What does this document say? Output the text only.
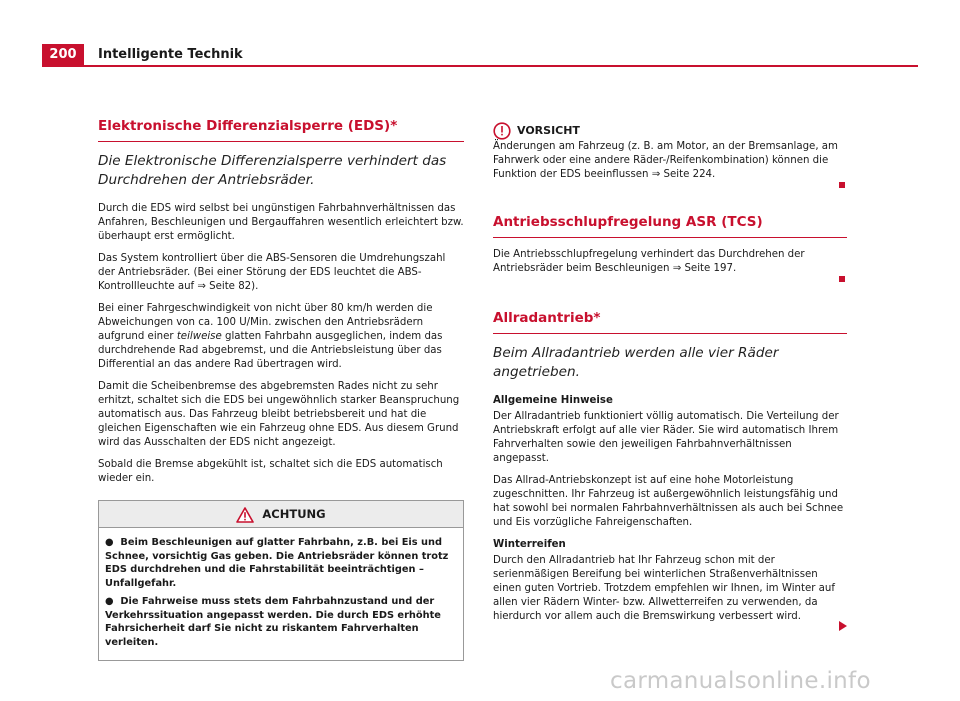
200	Intelligente Technik
Elektronische Differenzialsperre (EDS)*
Die Elektronische Differenzialsperre verhindert das Durchdrehen der Antriebsräder.

Durch die EDS wird selbst bei ungünstigen Fahrbahnverhältnissen das Anfahren, Beschleunigen und Bergauffahren wesentlich erleichtert bzw. überhaupt erst ermöglicht.

Das System kontrolliert über die ABS-Sensoren die Umdrehungszahl der Antriebsräder. (Bei einer Störung der EDS leuchtet die ABS-Kontrollleuchte auf ⇒ Seite 82).

Bei einer Fahrgeschwindigkeit von nicht über 80 km/h werden die Abweichungen von ca. 100 U/Min. zwischen den Antriebsrädern aufgrund einer teilweise glatten Fahrbahn ausgeglichen, indem das durchdrehende Rad abgebremst, und die Antriebsleistung über das Differential an das andere Rad übertragen wird.

Damit die Scheibenbremse des abgebremsten Rades nicht zu sehr erhitzt, schaltet sich die EDS bei ungewöhnlich starker Beanspruchung automatisch aus. Das Fahrzeug bleibt betriebsbereit und hat die gleichen Eigenschaften wie ein Fahrzeug ohne EDS. Aus diesem Grund wird das Ausschalten der EDS nicht angezeigt.

Sobald die Bremse abgekühlt ist, schaltet sich die EDS automatisch wieder ein.

ACHTUNG

● Beim Beschleunigen auf glatter Fahrbahn, z.B. bei Eis und Schnee, vorsichtig Gas geben. Die Antriebsräder können trotz EDS durchdrehen und die Fahrstabilität beeinträchtigen – Unfallgefahr.

● Die Fahrweise muss stets dem Fahrbahnzustand und der Verkehrssituation angepasst werden. Die durch EDS erhöhte Fahrsicherheit darf Sie nicht zu riskantem Fahrverhalten verleiten.

VORSICHT

Änderungen am Fahrzeug (z. B. am Motor, an der Bremsanlage, am Fahrwerk oder eine andere Räder-/Reifenkombination) können die Funktion der EDS beeinflussen ⇒ Seite 224.

Antriebsschlupfregelung ASR (TCS)

Die Antriebsschlupfregelung verhindert das Durchdrehen der Antriebsräder beim Beschleunigen ⇒ Seite 197.

Allradantrieb*
Beim Allradantrieb werden alle vier Räder angetrieben.
Allgemeine Hinweise

Der Allradantrieb funktioniert völlig automatisch. Die Verteilung der Antriebskraft erfolgt auf alle vier Räder. Sie wird automatisch Ihrem Fahrverhalten sowie den jeweiligen Fahrbahnverhältnissen angepasst.

Das Allrad-Antriebskonzept ist auf eine hohe Motorleistung zugeschnitten. Ihr Fahrzeug ist außergewöhnlich leistungsfähig und hat sowohl bei normalen Fahrbahnverhältnissen als auch bei Schnee und Eis vorzügliche Fahreigenschaften.

Winterreifen

Durch den Allradantrieb hat Ihr Fahrzeug schon mit der serienmäßigen Bereifung bei winterlichen Straßenverhältnissen einen guten Vortrieb. Trotzdem empfehlen wir Ihnen, im Winter auf allen vier Rädern Winter- bzw. Allwetterreifen zu verwenden, da hierdurch vor allem auch die Bremswirkung verbessert wird.

carmanualsonline.info
